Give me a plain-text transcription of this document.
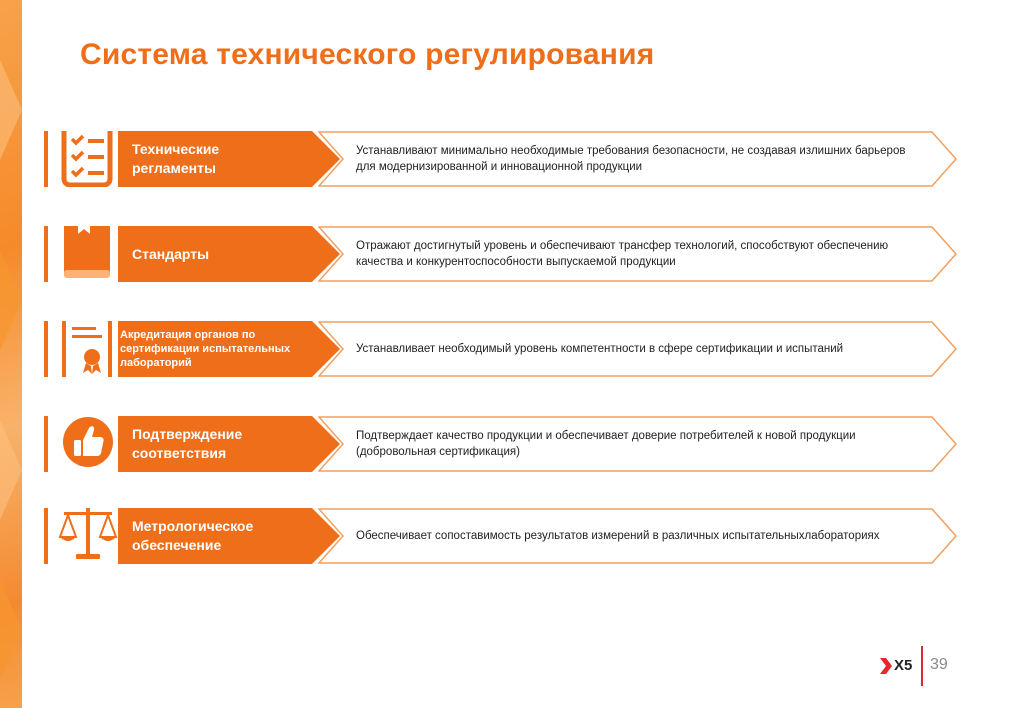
Система технического регулирования
Технические
регламенты
Устанавливают минимально необходимые требования безопасности, не создавая излишних барьеров для модернизированной и инновационной продукции
Стандарты	Отражают достигнутый уровень и обеспечивают трансфер технологий, способствуют обеспечению качества и конкурентоспособности выпускаемой продукции
Акредитация органов по сертификации испытательных лабораторий
Устанавливает необходимый уровень компетентности в сфере сертификации и испытаний
Подтверждение
соответствия
Подтверждает качество продукции и обеспечивает доверие потребителей к новой продукции (добровольная сертификация)
Метрологическое
обеспечение
Обеспечивает сопоставимость результатов измерений в различных испытательныхлабораториях
X5 39
